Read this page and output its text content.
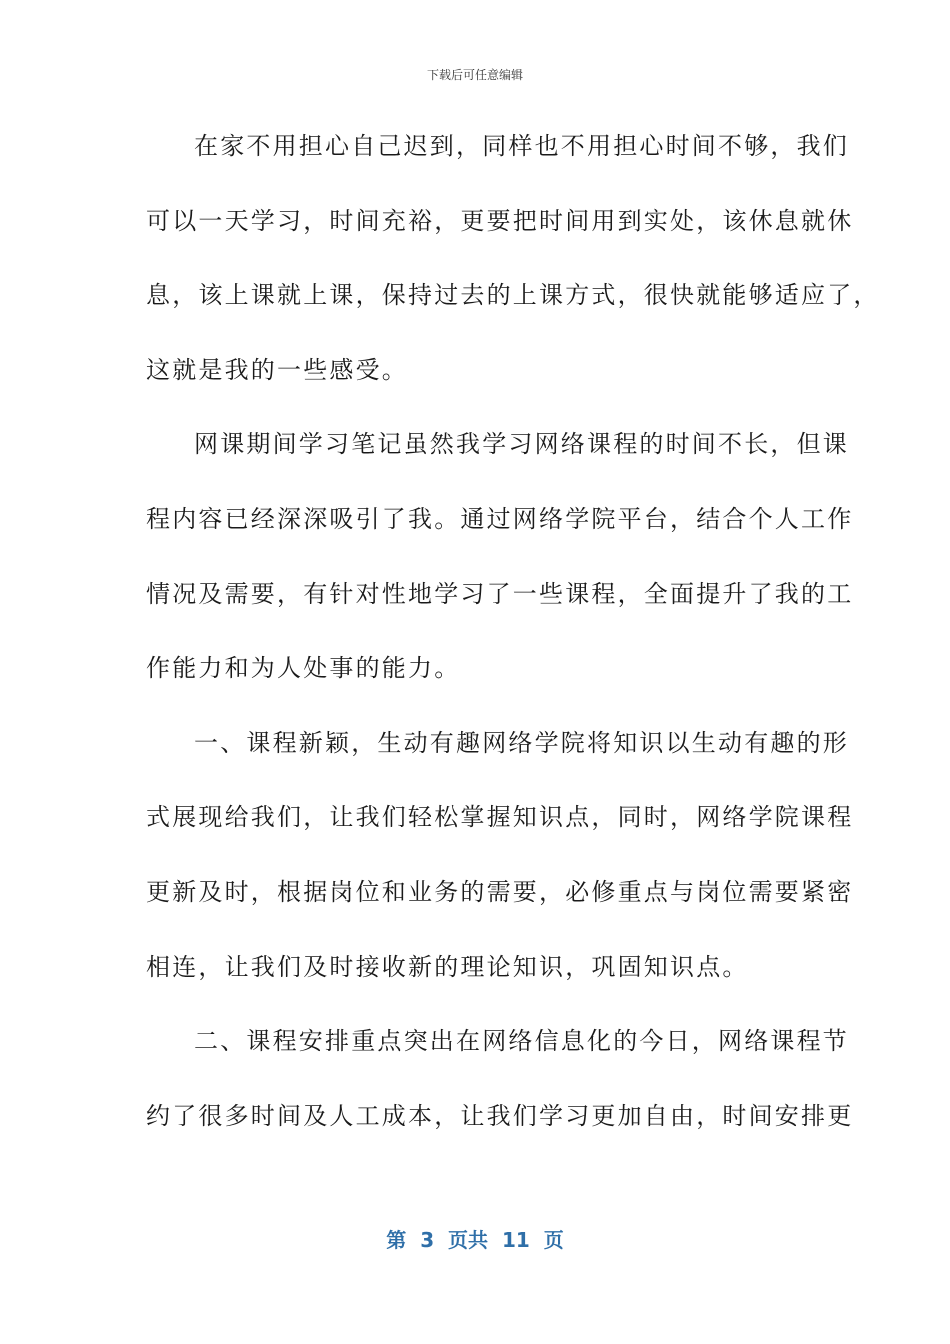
下载后可任意编辑
在家不用担心自己迟到，同样也不用担心时间不够，我们
可以一天学习，时间充裕，更要把时间用到实处，该休息就休
息，该上课就上课，保持过去的上课方式，很快就能够适应了，
这就是我的一些感受。
网课期间学习笔记虽然我学习网络课程的时间不长，但课
程内容已经深深吸引了我。通过网络学院平台，结合个人工作
情况及需要，有针对性地学习了一些课程，全面提升了我的工
作能力和为人处事的能力。
一、课程新颖，生动有趣网络学院将知识以生动有趣的形
式展现给我们，让我们轻松掌握知识点，同时，网络学院课程
更新及时，根据岗位和业务的需要，必修重点与岗位需要紧密
相连，让我们及时接收新的理论知识，巩固知识点。
二、课程安排重点突出在网络信息化的今日，网络课程节
约了很多时间及人工成本，让我们学习更加自由，时间安排更
第  3  页共  11  页
